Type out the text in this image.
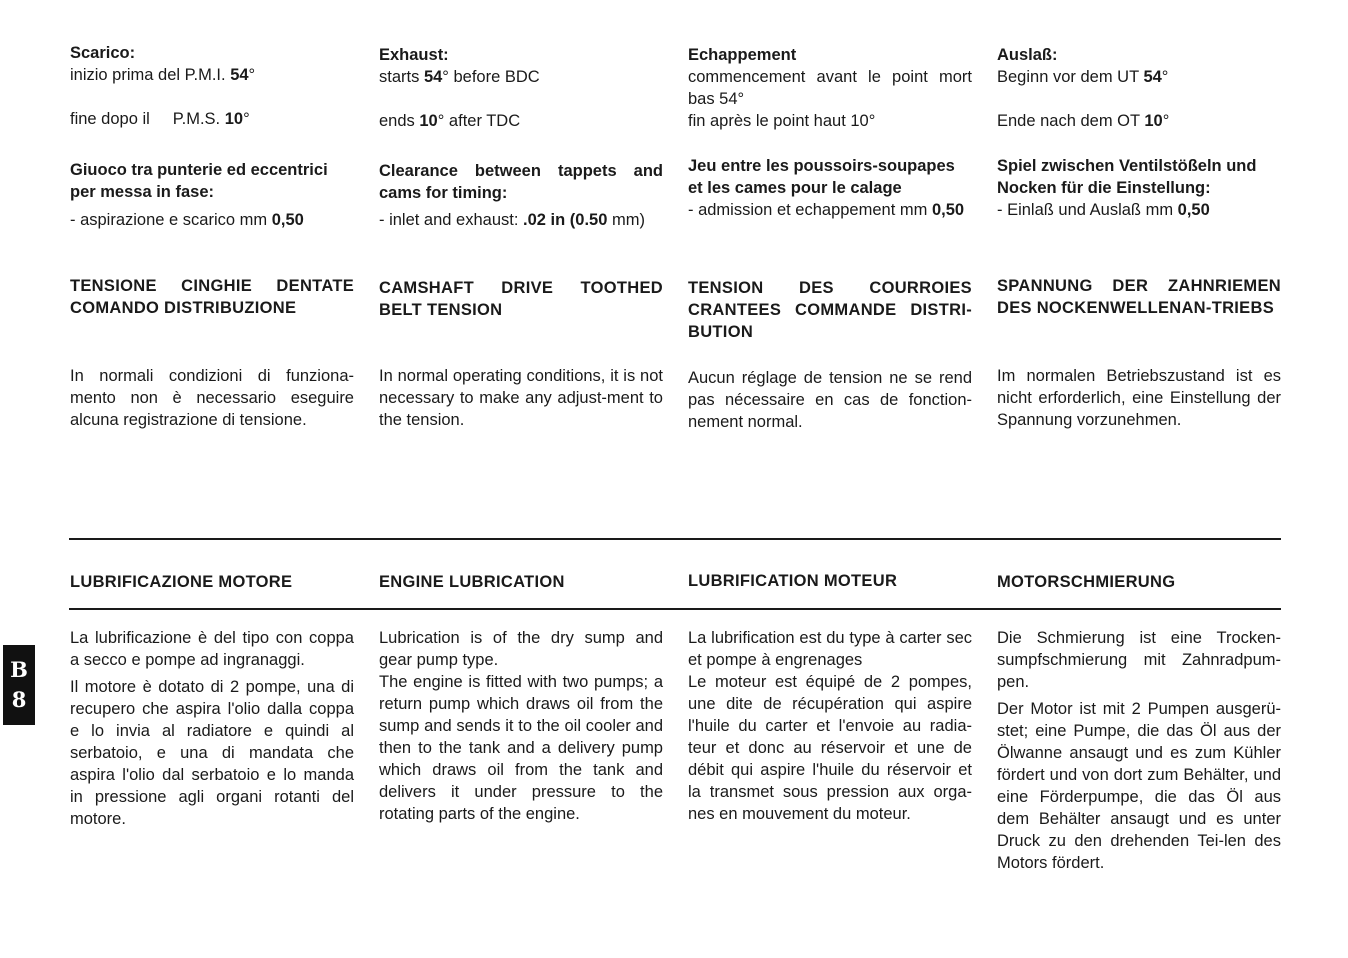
Scarico:
inizio prima del P.M.I. 54°
fine dopo il     P.M.S. 10°
Giuoco tra punterie ed eccentrici per messa in fase:
- aspirazione e scarico mm 0,50
TENSIONE CINGHIE DENTATE COMANDO DISTRIBUZIONE
In normali condizioni di funziona-mento non è necessario eseguire alcuna registrazione di tensione.
LUBRIFICAZIONE MOTORE

La lubrificazione è del tipo con coppa a secco e pompe ad ingranaggi.

Il motore è dotato di 2 pompe, una di recupero che aspira l'olio dalla coppa e lo invia al radiatore e quindi al serbatoio, e una di mandata che aspira l'olio dal serbatoio e lo manda in pressione agli organi rotanti del motore.

Exhaust:
starts 54° before BDC
ends 10° after TDC
Clearance between tappets and cams for timing:
- inlet and exhaust: .02 in (0.50 mm)
CAMSHAFT DRIVE TOOTHED BELT TENSION
In normal operating conditions, it is not necessary to make any adjust-ment to the tension.
ENGINE LUBRICATION

Lubrication is of the dry sump and gear pump type.

The engine is fitted with two pumps; a return pump which draws oil from the sump and sends it to the oil cooler and then to the tank and a delivery pump which draws oil from the tank and delivers it under pressure to the rotating parts of the engine.

Echappement
commencement avant le point mort bas 54°
fin après le point haut 10°
Jeu entre les poussoirs-soupapes et les cames pour le calage
- admission et echappement mm 0,50
TENSION DES COURROIES CRANTEES COMMANDE DISTRI-BUTION
Aucun réglage de tension ne se rend pas nécessaire en cas de fonction-nement normal.
LUBRIFICATION MOTEUR

La lubrification est du type à carter sec et pompe à engrenages

Le moteur est équipé de 2 pompes, une dite de récupération qui aspire l'huile du carter et l'envoie au radia-teur et donc au réservoir et une de débit qui aspire l'huile du réservoir et la transmet sous pression aux orga-nes en mouvement du moteur.

Auslaß:
Beginn vor dem UT 54°
Ende nach dem OT 10°
Spiel zwischen Ventilstößeln und Nocken für die Einstellung:
- Einlaß und Auslaß mm 0,50
SPANNUNG DER ZAHNRIEMEN DES NOCKENWELLENAN-TRIEBS
Im normalen Betriebszustand ist es nicht erforderlich, eine Einstellung der Spannung vorzunehmen.
MOTORSCHMIERUNG

Die Schmierung ist eine Trocken-sumpfschmierung mit Zahnradpum-pen.

Der Motor ist mit 2 Pumpen ausgerü-stet; eine Pumpe, die das Öl aus der Ölwanne ansaugt und es zum Kühler fördert und von dort zum Behälter, und eine Förderpumpe, die das Öl aus dem Behälter ansaugt und es unter Druck zu den drehenden Tei-len des Motors fördert.

B
8
